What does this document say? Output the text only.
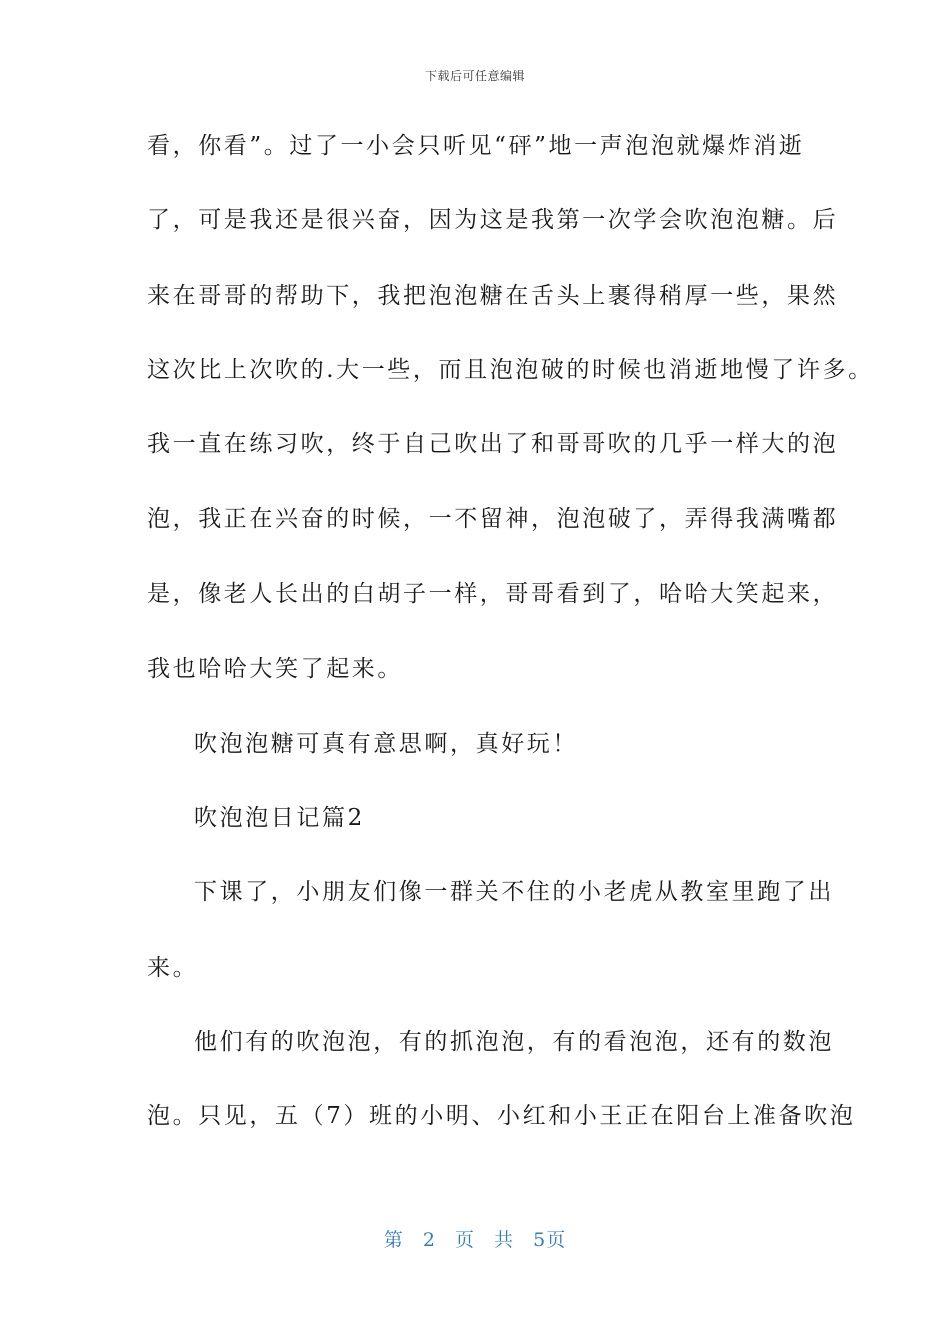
下载后可任意编辑
看，你看”。过了一小会只听见“砰”地一声泡泡就爆炸消逝
了，可是我还是很兴奋，因为这是我第一次学会吹泡泡糖。后
来在哥哥的帮助下，我把泡泡糖在舌头上裹得稍厚一些，果然
这次比上次吹的.大一些，而且泡泡破的时候也消逝地慢了许多。
我一直在练习吹，终于自己吹出了和哥哥吹的几乎一样大的泡
泡，我正在兴奋的时候，一不留神，泡泡破了，弄得我满嘴都
是，像老人长出的白胡子一样，哥哥看到了，哈哈大笑起来，
我也哈哈大笑了起来。
吹泡泡糖可真有意思啊，真好玩！
吹泡泡日记篇2
下课了，小朋友们像一群关不住的小老虎从教室里跑了出
来。
他们有的吹泡泡，有的抓泡泡，有的看泡泡，还有的数泡
泡。只见，五（7）班的小明、小红和小王正在阳台上准备吹泡
第 2 页 共 5页
